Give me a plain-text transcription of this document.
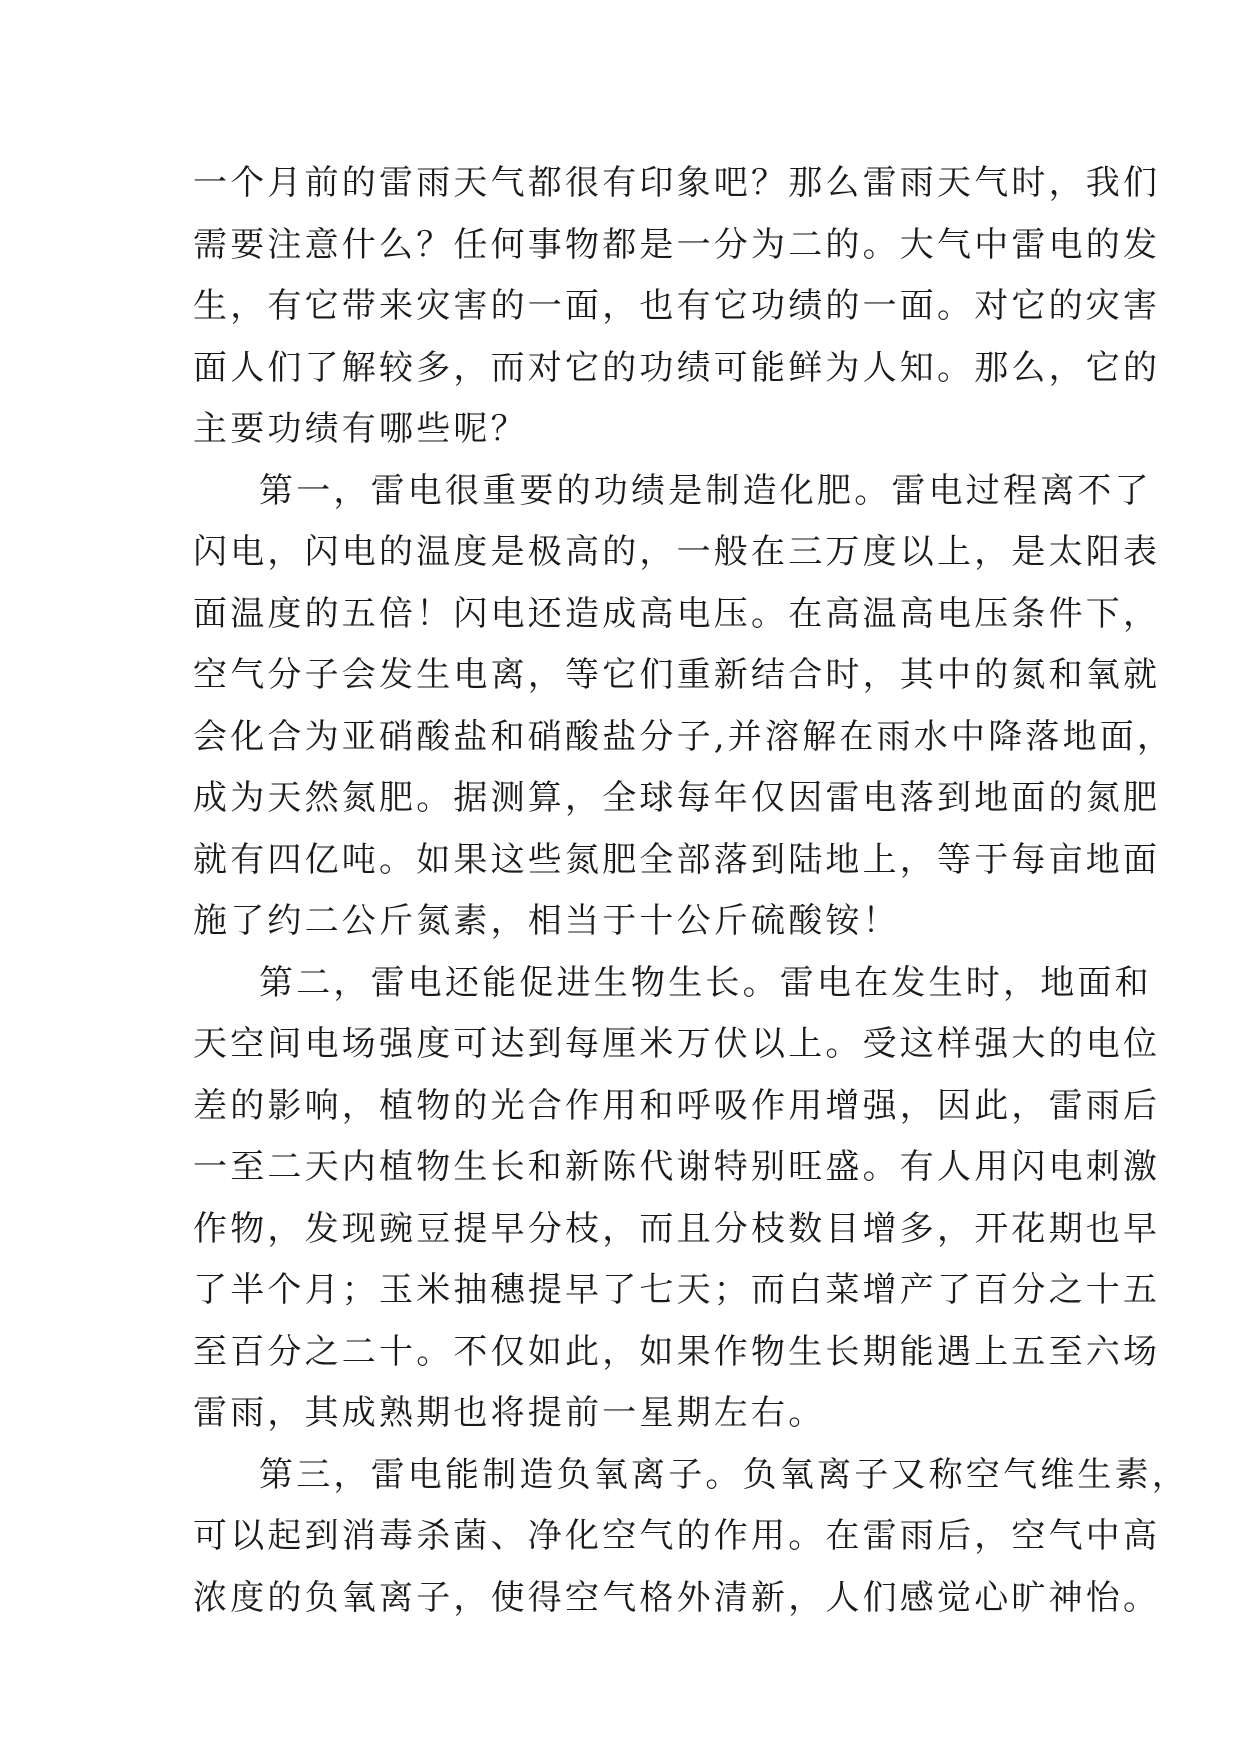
一个月前的雷雨天气都很有印象吧？那么雷雨天气时，我们
需要注意什么？任何事物都是一分为二的。大气中雷电的发
生，有它带来灾害的一面，也有它功绩的一面。对它的灾害
面人们了解较多，而对它的功绩可能鲜为人知。那么，它的
主要功绩有哪些呢？
第一，雷电很重要的功绩是制造化肥。雷电过程离不了
闪电，闪电的温度是极高的，一般在三万度以上，是太阳表
面温度的五倍！闪电还造成高电压。在高温高电压条件下，
空气分子会发生电离，等它们重新结合时，其中的氮和氧就
会化合为亚硝酸盐和硝酸盐分子,并溶解在雨水中降落地面，
成为天然氮肥。据测算，全球每年仅因雷电落到地面的氮肥
就有四亿吨。如果这些氮肥全部落到陆地上，等于每亩地面
施了约二公斤氮素，相当于十公斤硫酸铵！
第二，雷电还能促进生物生长。雷电在发生时，地面和
天空间电场强度可达到每厘米万伏以上。受这样强大的电位
差的影响，植物的光合作用和呼吸作用增强，因此，雷雨后
一至二天内植物生长和新陈代谢特别旺盛。有人用闪电刺激
作物，发现豌豆提早分枝，而且分枝数目增多，开花期也早
了半个月；玉米抽穗提早了七天；而白菜增产了百分之十五
至百分之二十。不仅如此，如果作物生长期能遇上五至六场
雷雨，其成熟期也将提前一星期左右。
第三，雷电能制造负氧离子。负氧离子又称空气维生素，
可以起到消毒杀菌、净化空气的作用。在雷雨后，空气中高
浓度的负氧离子，使得空气格外清新，人们感觉心旷神怡。
